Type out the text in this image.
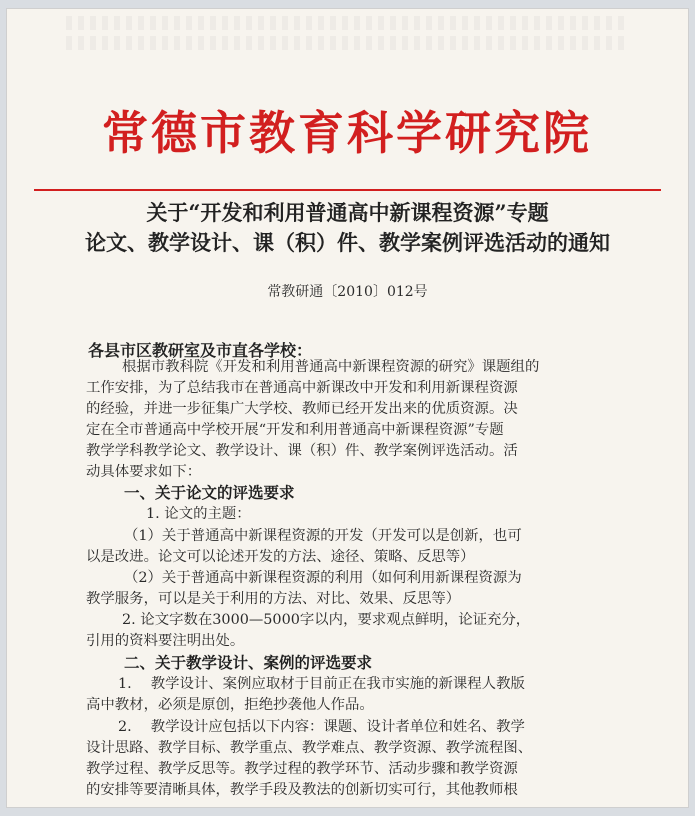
常德市教育科学研究院
关于“开发和利用普通高中新课程资源”专题
论文、教学设计、课（积）件、教学案例评选活动的通知
常教研通〔2010〕012号

各县市区教研室及市直各学校：

根据市教科院《开发和利用普通高中新课程资源的研究》课题组的

工作安排，为了总结我市在普通高中新课改中开发和利用新课程资源

的经验，并进一步征集广大学校、教师已经开发出来的优质资源。决

定在全市普通高中学校开展“开发和利用普通高中新课程资源”专题

教学学科教学论文、教学设计、课（积）件、教学案例评选活动。活

动具体要求如下：

一、关于论文的评选要求

1. 论文的主题：

（1）关于普通高中新课程资源的开发（开发可以是创新，也可

以是改进。论文可以论述开发的方法、途径、策略、反思等）

（2）关于普通高中新课程资源的利用（如何利用新课程资源为

教学服务，可以是关于利用的方法、对比、效果、反思等）

2. 论文字数在3000—5000字以内，要求观点鲜明，论证充分，

引用的资料要注明出处。

二、关于教学设计、案例的评选要求

1.　 教学设计、案例应取材于目前正在我市实施的新课程人教版

高中教材，必须是原创，拒绝抄袭他人作品。

2.　 教学设计应包括以下内容：课题、设计者单位和姓名、教学

设计思路、教学目标、教学重点、教学难点、教学资源、教学流程图、

教学过程、教学反思等。教学过程的教学环节、活动步骤和教学资源

的安排等要清晰具体，教学手段及教法的创新切实可行，其他教师根
